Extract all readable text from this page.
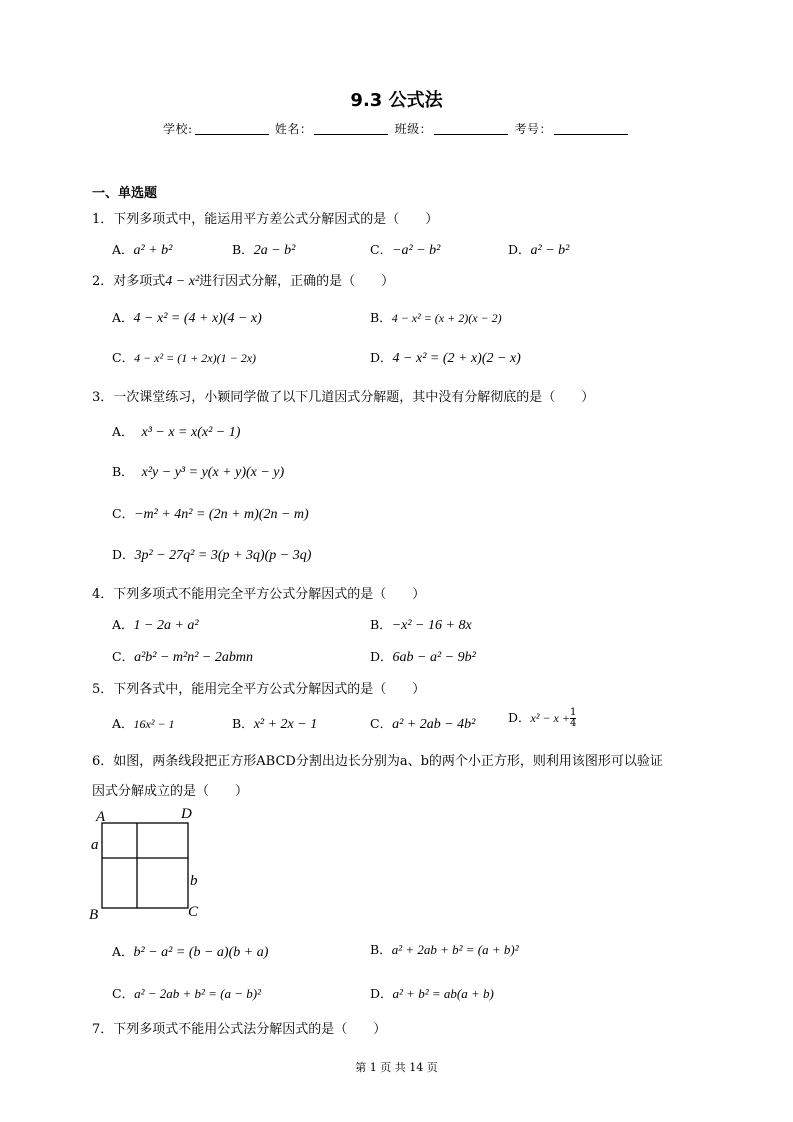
9.3 公式法
学校:	姓名：	班级：	考号：
一、单选题
1．下列多项式中，能运用平方差公式分解因式的是（　　）
A．a² + b²	B．2a − b²	C．−a² − b²	D．a² − b²
2．对多项式4 − x²进行因式分解，正确的是（　　）
A．4 − x² = (4 + x)(4 − x)	B．4 − x² = (x + 2)(x − 2)
C．4 − x² = (1 + 2x)(1 − 2x)	D．4 − x² = (2 + x)(2 − x)
3．一次课堂练习，小颖同学做了以下几道因式分解题，其中没有分解彻底的是（　　）
A． x³ − x = x(x² − 1)
B． x²y − y³ = y(x + y)(x − y)
C．−m² + 4n² = (2n + m)(2n − m)
D．3p² − 27q² = 3(p + 3q)(p − 3q)
4．下列多项式不能用完全平方公式分解因式的是（　　）
A．1 − 2a + a²	B．−x² − 16 + 8x
C．a²b² − m²n² − 2abmn	D．6ab − a² − 9b²
5．下列各式中，能用完全平方公式分解因式的是（　　）
A．16x² − 1	B．x² + 2x − 1	C．a² + 2ab − 4b²	D．$x^2 - x + \frac{1}{4}$
6．如图，两条线段把正方形ABCD分割出边长分别为a、b的两个小正方形，则利用该图形可以验证
因式分解成立的是（　　）
A	D
a
b
B	C
A．b² − a² = (b − a)(b + a)	B．a² + 2ab + b² = (a + b)²
C．a² − 2ab + b² = (a − b)²	D．a² + b² = ab(a + b)
7．下列多项式不能用公式法分解因式的是（　　）
第 1 页 共 14 页
